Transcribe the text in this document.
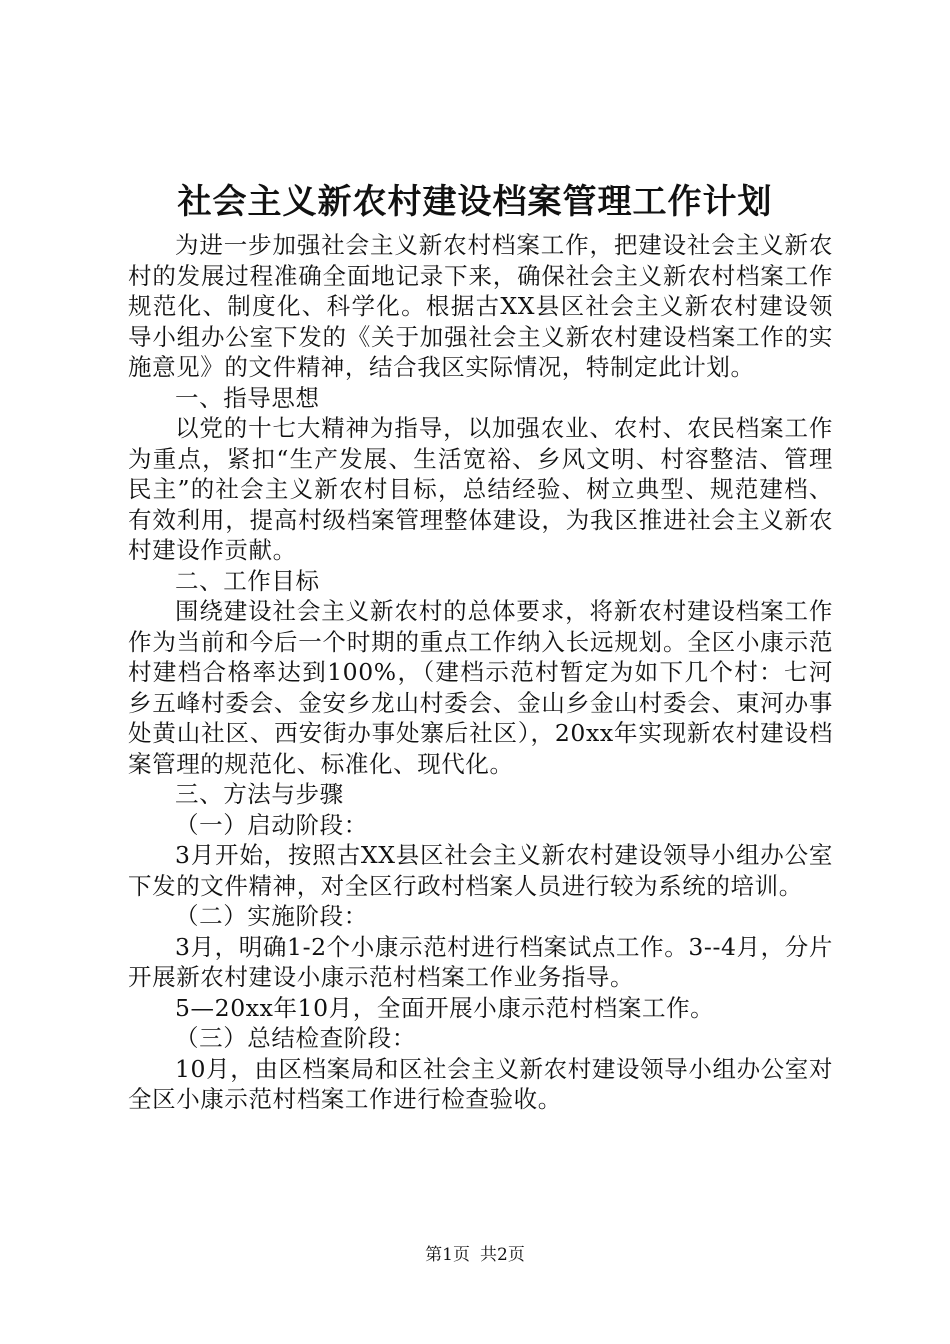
社会主义新农村建设档案管理工作计划

为进一步加强社会主义新农村档案工作，把建设社会主义新农村的发展过程准确全面地记录下来，确保社会主义新农村档案工作规范化、制度化、科学化。根据古XX县区社会主义新农村建设领导小组办公室下发的《关于加强社会主义新农村建设档案工作的实施意见》的文件精神，结合我区实际情况，特制定此计划。

一、指导思想

以党的十七大精神为指导，以加强农业、农村、农民档案工作为重点，紧扣“生产发展、生活宽裕、乡风文明、村容整洁、管理民主”的社会主义新农村目标，总结经验、树立典型、规范建档、有效利用，提高村级档案管理整体建设，为我区推进社会主义新农村建设作贡献。

二、工作目标

围绕建设社会主义新农村的总体要求，将新农村建设档案工作作为当前和今后一个时期的重点工作纳入长远规划。全区小康示范村建档合格率达到100%，（建档示范村暂定为如下几个村：七河乡五峰村委会、金安乡龙山村委会、金山乡金山村委会、東河办事处黄山社区、西安街办事处寨后社区），20xx年实现新农村建设档案管理的规范化、标准化、现代化。

三、方法与步骤

（一）启动阶段：

3月开始，按照古XX县区社会主义新农村建设领导小组办公室下发的文件精神，对全区行政村档案人员进行较为系统的培训。

（二）实施阶段：

3月，明确1-2个小康示范村进行档案试点工作。3--4月，分片开展新农村建设小康示范村档案工作业务指导。

5—20xx年10月，全面开展小康示范村档案工作。

（三）总结检查阶段：

10月，由区档案局和区社会主义新农村建设领导小组办公室对全区小康示范村档案工作进行检查验收。

第1页 共2页
